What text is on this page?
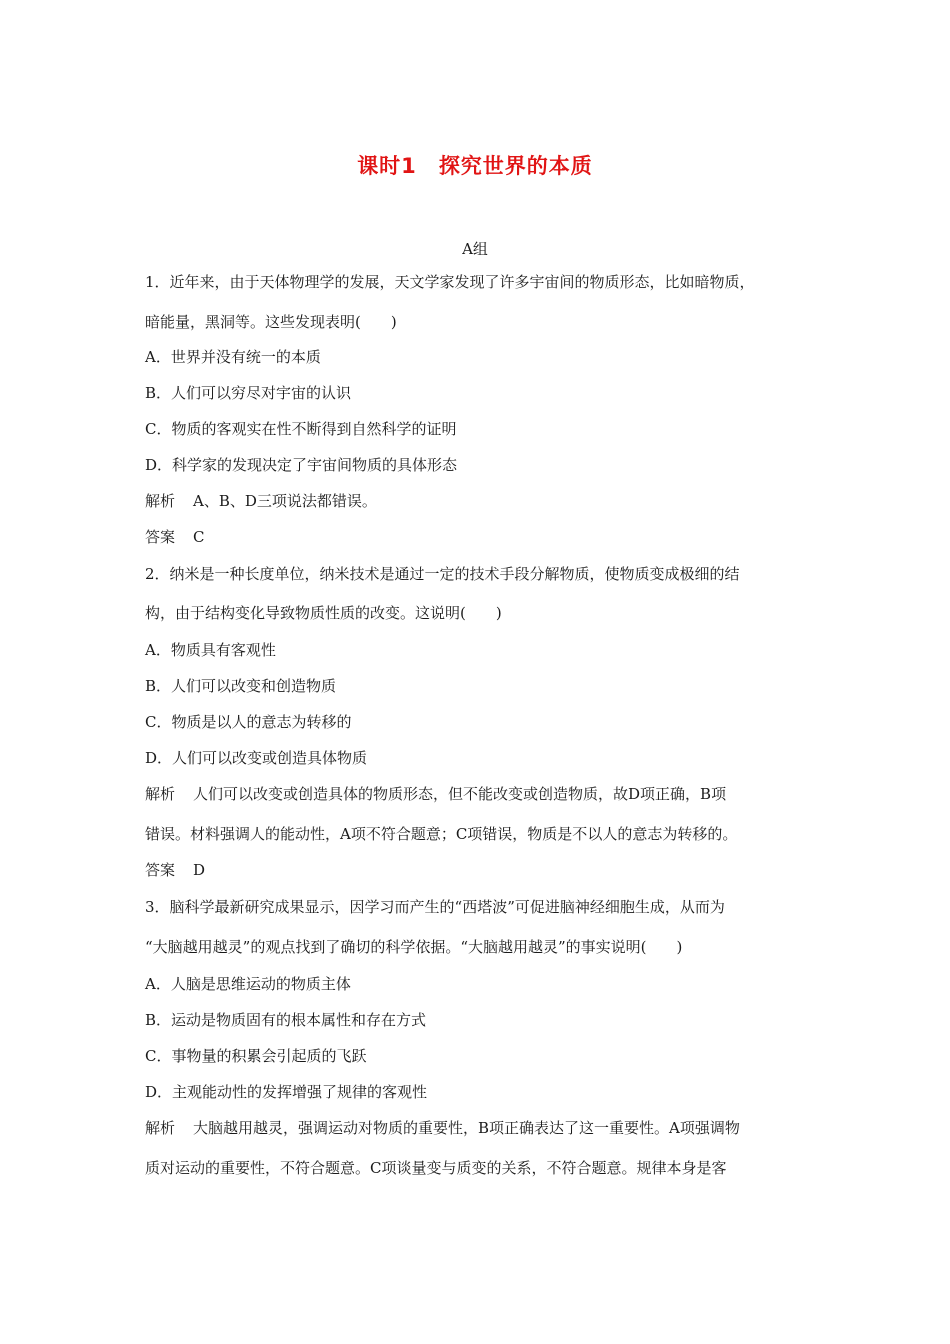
课时1 探究世界的本质
A组
1．近年来，由于天体物理学的发展，天文学家发现了许多宇宙间的物质形态，比如暗物质，
暗能量，黑洞等。这些发现表明(　　)
A．世界并没有统一的本质
B．人们可以穷尽对宇宙的认识
C．物质的客观实在性不断得到自然科学的证明
D．科学家的发现决定了宇宙间物质的具体形态
解析 A、B、D三项说法都错误。
答案 C
2．纳米是一种长度单位，纳米技术是通过一定的技术手段分解物质，使物质变成极细的结
构，由于结构变化导致物质性质的改变。这说明(　　)
A．物质具有客观性
B．人们可以改变和创造物质
C．物质是以人的意志为转移的
D．人们可以改变或创造具体物质
解析 人们可以改变或创造具体的物质形态，但不能改变或创造物质，故D项正确，B项
错误。材料强调人的能动性，A项不符合题意；C项错误，物质是不以人的意志为转移的。
答案 D
3．脑科学最新研究成果显示，因学习而产生的“西塔波”可促进脑神经细胞生成，从而为
“大脑越用越灵”的观点找到了确切的科学依据。“大脑越用越灵”的事实说明(　　)
A．人脑是思维运动的物质主体
B．运动是物质固有的根本属性和存在方式
C．事物量的积累会引起质的飞跃
D．主观能动性的发挥增强了规律的客观性
解析 大脑越用越灵，强调运动对物质的重要性，B项正确表达了这一重要性。A项强调物
质对运动的重要性，不符合题意。C项谈量变与质变的关系，不符合题意。规律本身是客
